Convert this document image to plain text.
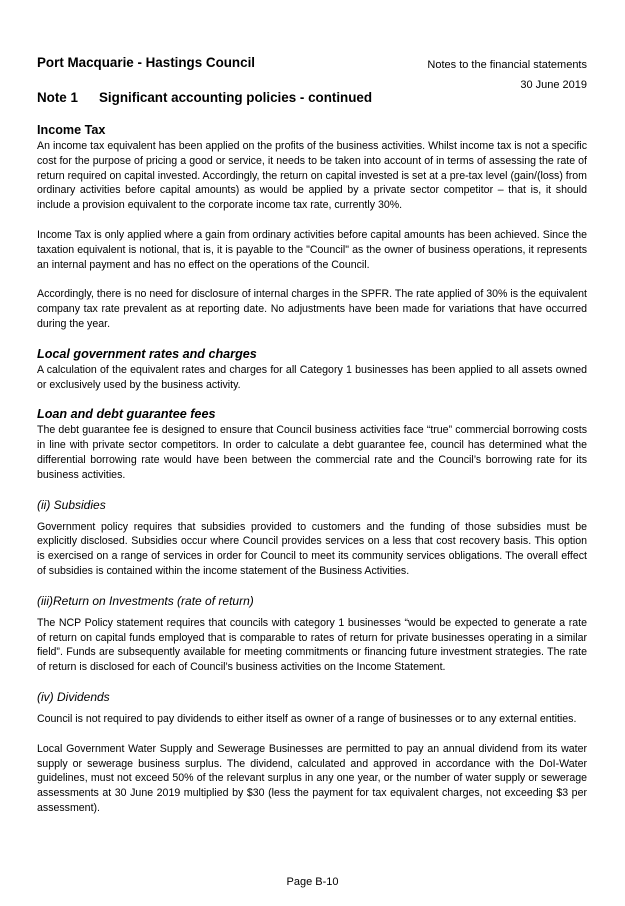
Port Macquarie - Hastings Council	Notes to the financial statements
30 June 2019
Note 1 Significant accounting policies - continued
Income Tax

An income tax equivalent has been applied on the profits of the business activities. Whilst income tax is not a specific cost for the purpose of pricing a good or service, it needs to be taken into account of in terms of assessing the rate of return required on capital invested. Accordingly, the return on capital invested is set at a pre-tax level (gain/(loss) from ordinary activities before capital amounts) as would be applied by a private sector competitor – that is, it should include a provision equivalent to the corporate income tax rate, currently 30%.

Income Tax is only applied where a gain from ordinary activities before capital amounts has been achieved. Since the taxation equivalent is notional, that is, it is payable to the "Council" as the owner of business operations, it represents an internal payment and has no effect on the operations of the Council.

Accordingly, there is no need for disclosure of internal charges in the SPFR. The rate applied of 30% is the equivalent company tax rate prevalent as at reporting date. No adjustments have been made for variations that have occurred during the year.

Local government rates and charges

A calculation of the equivalent rates and charges for all Category 1 businesses has been applied to all assets owned or exclusively used by the business activity.

Loan and debt guarantee fees

The debt guarantee fee is designed to ensure that Council business activities face “true” commercial borrowing costs in line with private sector competitors. In order to calculate a debt guarantee fee, council has determined what the differential borrowing rate would have been between the commercial rate and the Council’s borrowing rate for its business activities.

(ii) Subsidies

Government policy requires that subsidies provided to customers and the funding of those subsidies must be explicitly disclosed. Subsidies occur where Council provides services on a less that cost recovery basis. This option is exercised on a range of services in order for Council to meet its community services obligations. The overall effect of subsidies is contained within the income statement of the Business Activities.

(iii)Return on Investments (rate of return)

The NCP Policy statement requires that councils with category 1 businesses “would be expected to generate a rate of return on capital funds employed that is comparable to rates of return for private businesses operating in a similar field”. Funds are subsequently available for meeting commitments or financing future investment strategies. The rate of return is disclosed for each of Council’s business activities on the Income Statement.

(iv) Dividends

Council is not required to pay dividends to either itself as owner of a range of businesses or to any external entities.

Local Government Water Supply and Sewerage Businesses are permitted to pay an annual dividend from its water supply or sewerage business surplus. The dividend, calculated and approved in accordance with the DoI-Water guidelines, must not exceed 50% of the relevant surplus in any one year, or the number of water supply or sewerage assessments at 30 June 2019 multiplied by $30 (less the payment for tax equivalent charges, not exceeding $3 per assessment).

Page B-10
